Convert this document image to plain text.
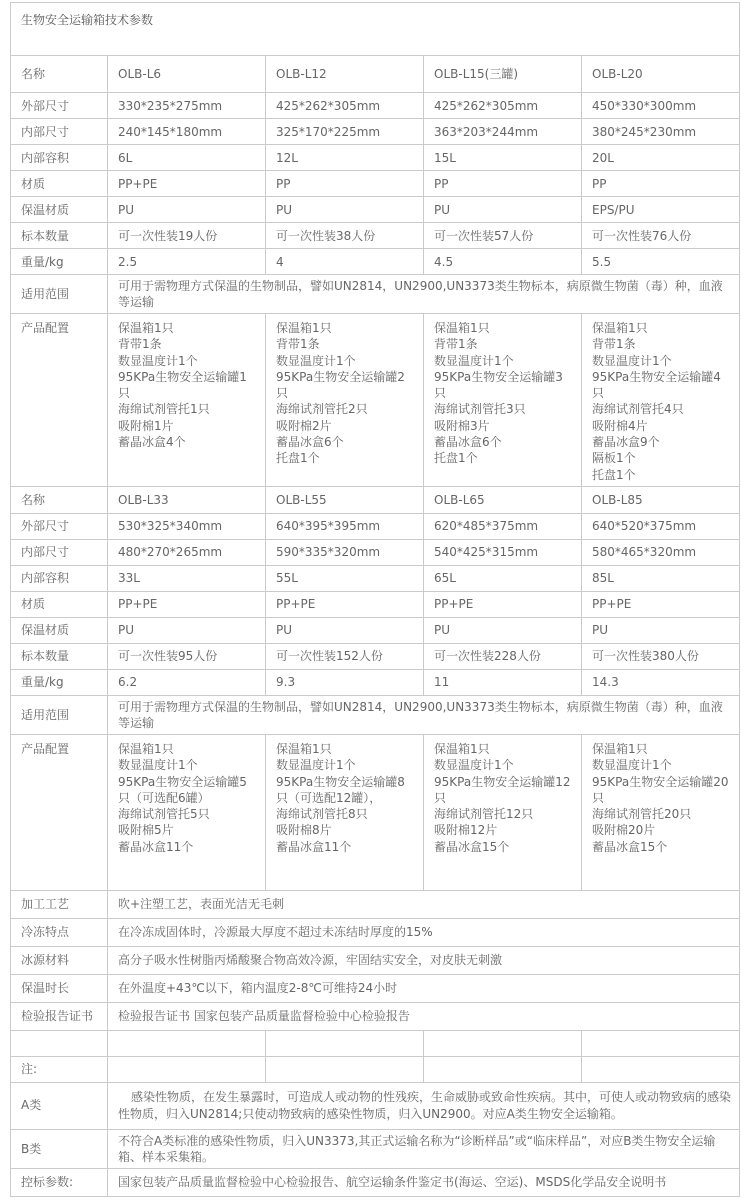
生物安全运输箱技术参数				
名称	OLB-L6	OLB-L12	OLB-L15(三罐)	OLB-L20
外部尺寸	330*235*275mm	425*262*305mm	425*262*305mm	450*330*300mm
内部尺寸	240*145*180mm	325*170*225mm	363*203*244mm	380*245*230mm
内部容积	6L	12L	15L	20L
材质	PP+PE	PP	PP	PP
保温材质	PU	PU	PU	EPS/PU
标本数量	可一次性装19人份	可一次性装38人份	可一次性装57人份	可一次性装76人份
重量/kg	2.5	4	4.5	5.5
适用范围	可用于需物理方式保温的生物制品，譬如UN2814，UN2900,UN3373类生物标本，病原微生物菌（毒）种，血液等运输			
产品配置	保温箱1只
背带1条
数显温度计1个
95KPa生物安全运输罐1只
海绵试剂管托1只
吸附棉1片
蓄晶冰盒4个

保温箱1只
背带1条
数显温度计1个
95KPa生物安全运输罐2只
海绵试剂管托2只
吸附棉2片
蓄晶冰盒6个
托盘1个

保温箱1只
背带1条
数显温度计1个
95KPa生物安全运输罐3只
海绵试剂管托3只
吸附棉3片
蓄晶冰盒6个
托盘1个

保温箱1只
背带1条
数显温度计1个
95KPa生物安全运输罐4只
海绵试剂管托4只
吸附棉4片
蓄晶冰盒9个
隔板1个
托盘1个

名称	OLB-L33	OLB-L55	OLB-L65	OLB-L85
外部尺寸	530*325*340mm	640*395*395mm	620*485*375mm	640*520*375mm
内部尺寸	480*270*265mm	590*335*320mm	540*425*315mm	580*465*320mm
内部容积	33L	55L	65L	85L
材质	PP+PE	PP+PE	PP+PE	PP+PE
保温材质	PU	PU	PU	PU
标本数量	可一次性装95人份	可一次性装152人份	可一次性装228人份	可一次性装380人份
重量/kg	6.2	9.3	11	14.3
适用范围	可用于需物理方式保温的生物制品，譬如UN2814，UN2900,UN3373类生物标本，病原微生物菌（毒）种，血液等运输			
产品配置	保温箱1只
数显温度计1个
95KPa生物安全运输罐5只（可选配6罐）
海绵试剂管托5只
吸附棉5片
蓄晶冰盒11个

保温箱1只
数显温度计1个
95KPa生物安全运输罐8只（可选配12罐），
海绵试剂管托8只
吸附棉8片
蓄晶冰盒11个

保温箱1只
数显温度计1个
95KPa生物安全运输罐12只
海绵试剂管托12只
吸附棉12片
蓄晶冰盒15个

保温箱1只
数显温度计1个
95KPa生物安全运输罐20只
海绵试剂管托20只
吸附棉20片
蓄晶冰盒15个

加工工艺	吹+注塑工艺，表面光洁无毛刺			
冷冻特点	在冷冻成固体时，冷源最大厚度不超过未冻结时厚度的15%			
冰源材料	高分子吸水性树脂丙烯酸聚合物高效冷源，牢固结实安全，对皮肤无刺激			
保温时长	在外温度+43℃以下，箱内温度2-8℃可维持24小时			
检验报告证书	检验报告证书 国家包装产品质量监督检验中心检验报告			

注:				
A类	感染性物质，在发生暴露时，可造成人或动物的性残疾，生命威胁或致命性疾病。其中，可使人或动物致病的感染性物质，归入UN2814;只使动物致病的感染性物质，归入UN2900。对应A类生物安全运输箱。			
B类	不符合A类标准的感染性物质，归入UN3373,其正式运输名称为“诊断样品”或“临床样品”，对应B类生物安全运输箱、样本采集箱。			
控标参数:	国家包装产品质量监督检验中心检验报告、航空运输条件鉴定书(海运、空运)、MSDS化学品安全说明书			
